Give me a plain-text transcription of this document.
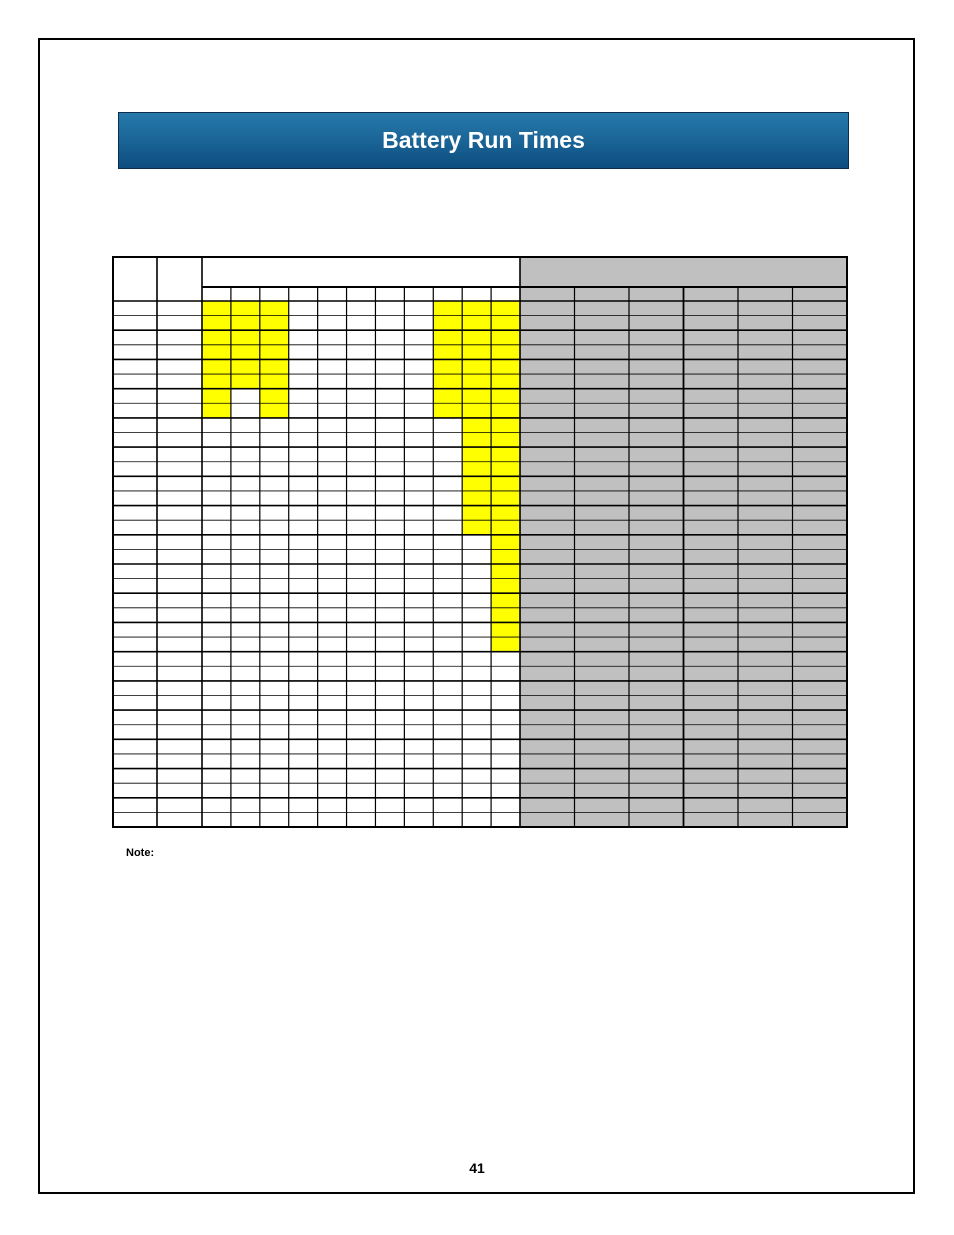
Battery Run Times
Note:
41
